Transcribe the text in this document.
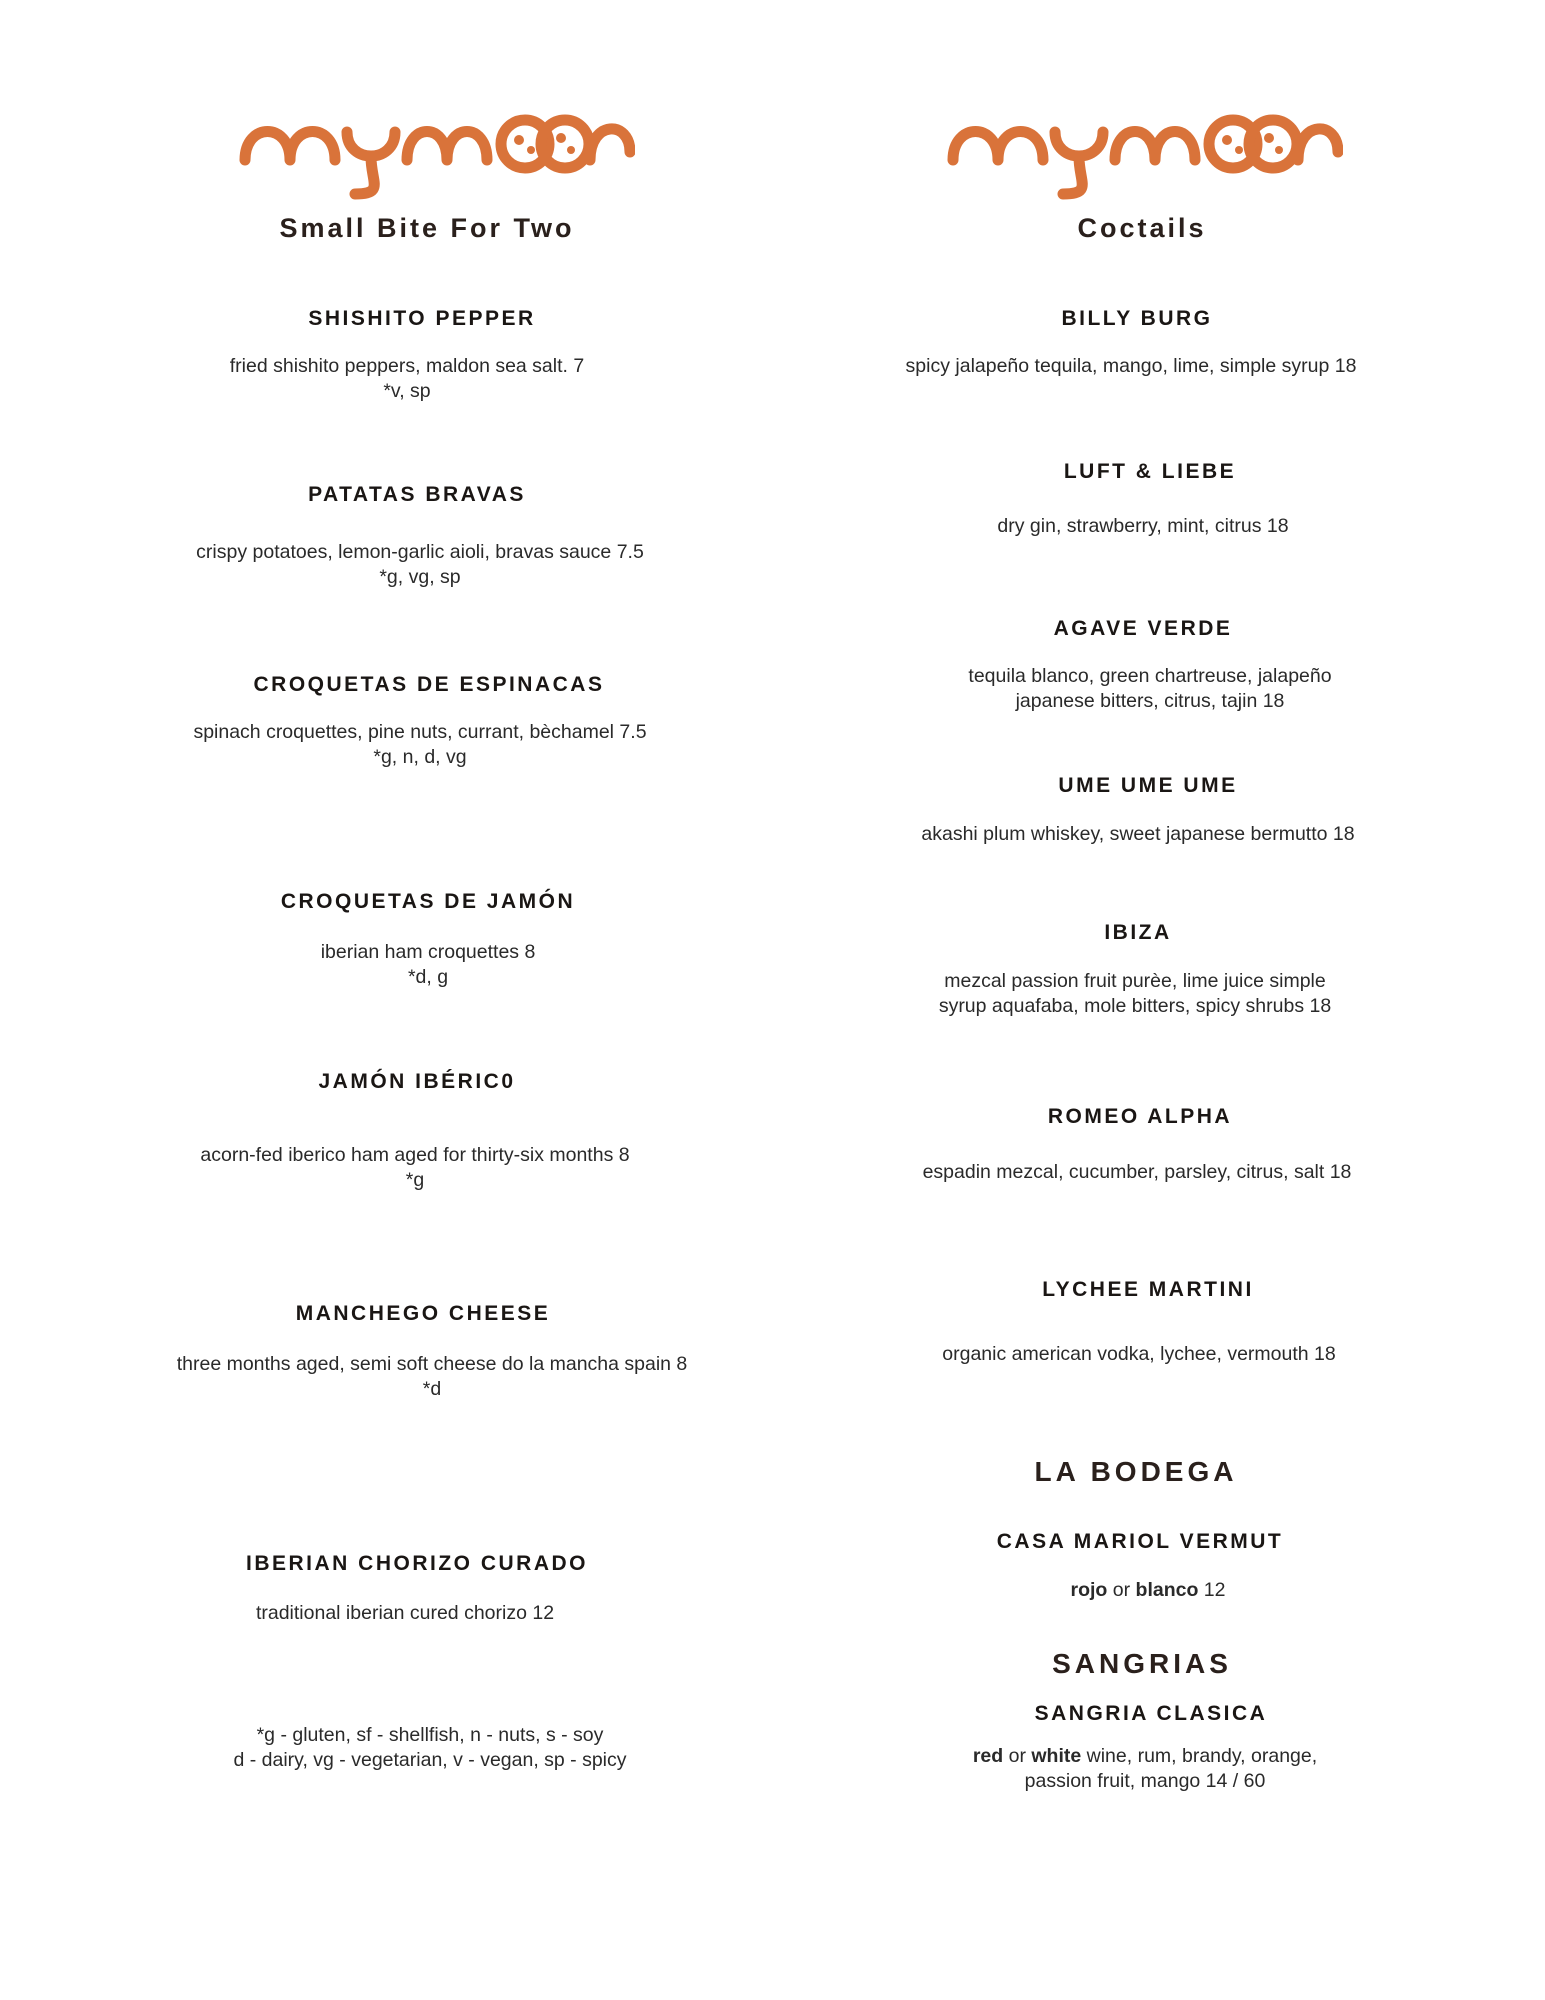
Small Bite For Two
SHISHITO PEPPER
fried shishito peppers, maldon sea salt. 7
*v, sp
PATATAS BRAVAS
crispy potatoes, lemon-garlic aioli, bravas sauce 7.5
*g, vg, sp
CROQUETAS DE ESPINACAS
spinach croquettes, pine nuts, currant, bèchamel 7.5
*g, n, d, vg
CROQUETAS DE JAMÓN
iberian ham croquettes 8
*d, g
JAMÓN IBÉRIC0
acorn-fed iberico ham aged for thirty-six months 8
*g
MANCHEGO CHEESE
three months aged, semi soft cheese do la mancha spain 8
*d
IBERIAN CHORIZO CURADO
traditional iberian cured chorizo 12
*g - gluten, sf - shellfish, n - nuts, s - soy
d - dairy, vg - vegetarian, v - vegan, sp - spicy
Coctails
BILLY BURG
spicy jalapeño tequila, mango, lime, simple syrup 18
LUFT & LIEBE
dry gin, strawberry, mint, citrus 18
AGAVE VERDE
tequila blanco, green chartreuse, jalapeño
japanese bitters, citrus, tajin 18
UME UME UME
akashi plum whiskey, sweet japanese bermutto 18
IBIZA
mezcal passion fruit purèe, lime juice simple
syrup aquafaba, mole bitters, spicy shrubs 18
ROMEO ALPHA
espadin mezcal, cucumber, parsley, citrus, salt 18
LYCHEE MARTINI
organic american vodka, lychee, vermouth 18
LA BODEGA
CASA MARIOL VERMUT
rojo or blanco 12
SANGRIAS
SANGRIA CLASICA
red or white wine, rum, brandy, orange,
passion fruit, mango 14 / 60
